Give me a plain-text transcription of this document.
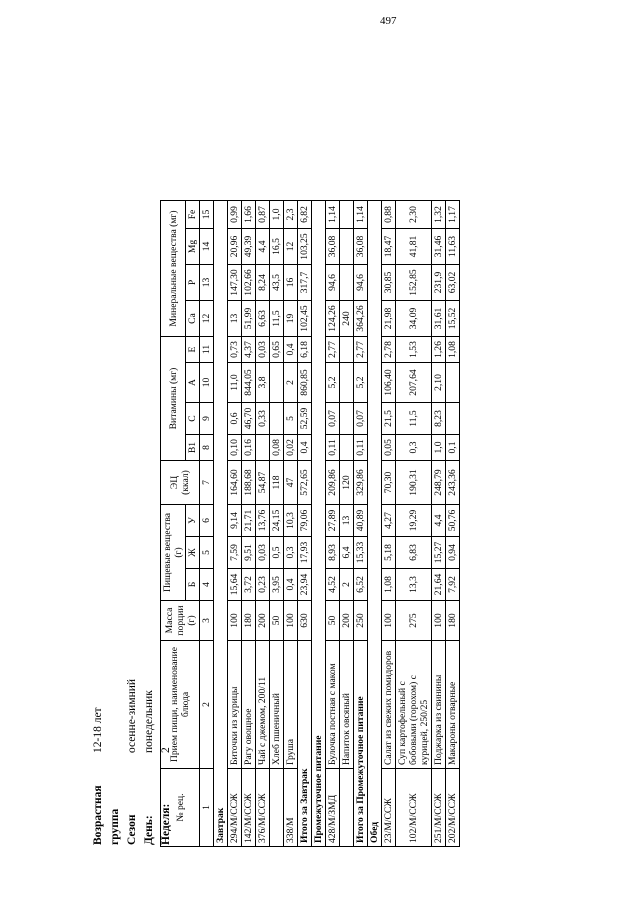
Возрастная группа
12-18 лет
Сезон
осенне-зимний
День:
понедельник
Неделя:
2
№ рец.	Прием пищи, наименование блюда	Масса порции (г)	Пищевые вещества (г)			ЭЦ (ккал)	Витамины (мг)				Минеральные вещества (мг)			
			Б	Ж	У		B1	C	A	E	Ca	P	Mg	Fe
1	2	3	4	5	6	7	8	9	10	11	12	13	14	15
Завтрак														
294/М/ССЖ	Биточки из курицы	100	15,64	7,59	9,14	164,60	0,10	0,6	11,0	0,73	13	147,30	20,96	0,99
142/М/ССЖ	Рагу овощное	180	3,72	9,51	21,71	188,68	0,16	46,70	844,05	4,37	51,99	102,66	49,39	1,66
376/М/ССЖ	Чай с джемом, 200/11	200	0,23	0,03	13,76	54,87		0,33	3,8	0,03	6,63	8,24	4,4	0,87
	Хлеб пшеничный	50	3,95	0,5	24,15	118	0,08			0,65	11,5	43,5	16,5	1,0
338/М	Груша	100	0,4	0,3	10,3	47	0,02	5	2	0,4	19	16	12	2,3
Итого за Завтрак		630	23,94	17,93	79,06	572,65	0,4	52,59	860,85	6,18	102,45	317,7	103,25	6,82
Промежуточное питание														
428/М/ЗМД	Булочка постная с маком	50	4,52	8,93	27,89	209,86	0,11	0,07	5,2	2,77	124,26	94,6	36,08	1,14
	Напиток овсяный	200	2	6,4	13	120					240			
Итого за Промежуточное питание		250	6,52	15,33	40,89	329,86	0,11	0,07	5,2	2,77	364,26	94,6	36,08	1,14
Обед														
23/М/ССЖ	Салат из свежих помидоров	100	1,08	5,18	4,27	70,30	0,05	21,5	106,40	2,78	21,98	30,85	18,47	0,88
102/М/ССЖ	Суп картофельный с бобовыми (горохом) с курицей, 250/25	275	13,3	6,83	19,29	190,31	0,3	11,5	207,64	1,53	34,09	152,85	41,81	2,30
251/М/ССЖ	Поджарка из свинины	100	21,64	15,27	4,4	248,79	1,0	8,23	2,10	1,26	31,61	231,9	31,46	1,32
202/М/ССЖ	Макароны отварные	180	7,92	0,94	50,76	243,36	0,1			1,08	15,52	63,02	11,63	1,17
497
